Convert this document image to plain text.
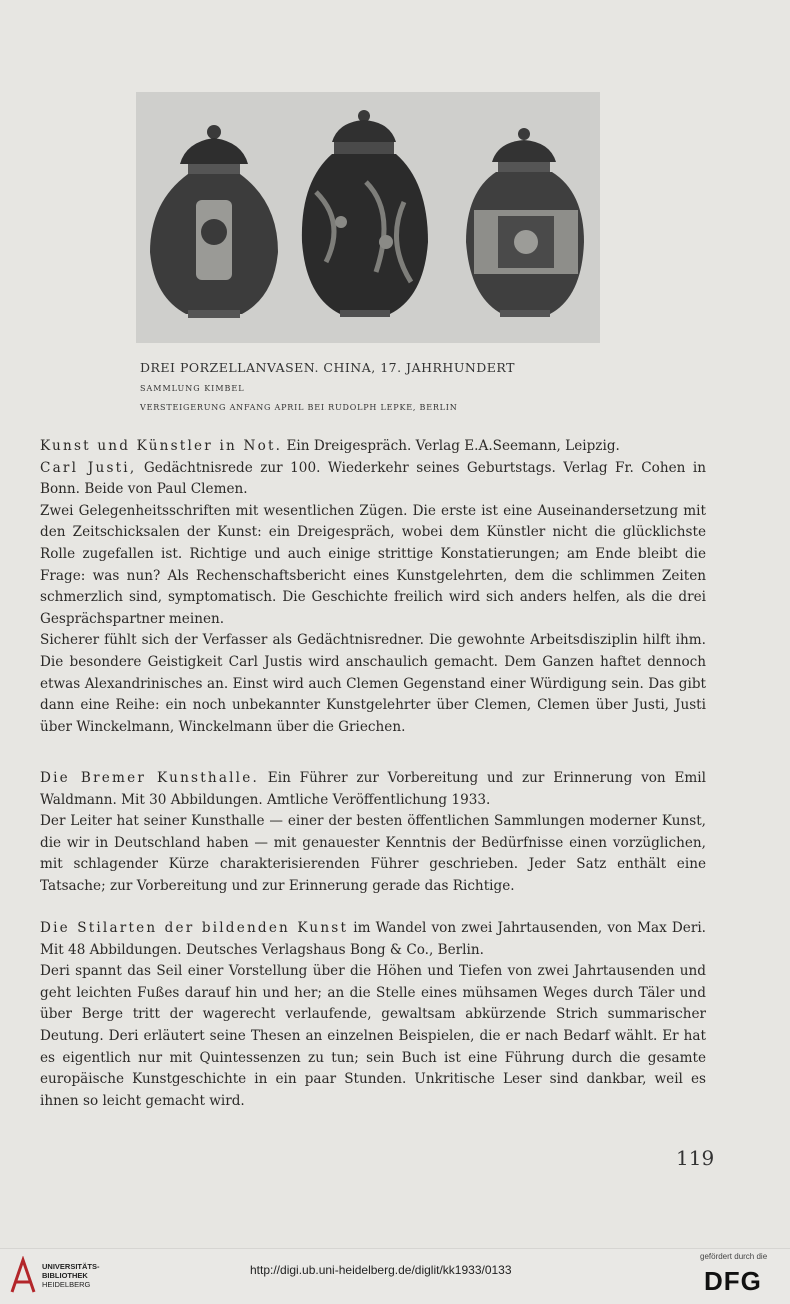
DREI PORZELLANVASEN. CHINA, 17. JAHRHUNDERT
SAMMLUNG KIMBEL
VERSTEIGERUNG ANFANG APRIL BEI RUDOLPH LEPKE, BERLIN

Kunst und Künstler in Not. Ein Dreigespräch. Verlag E.A.Seemann, Leipzig.
Carl Justi, Gedächtnisrede zur 100. Wiederkehr seines Geburtstags. Verlag Fr. Cohen in Bonn. Beide von Paul Clemen.

Zwei Gelegenheitsschriften mit wesentlichen Zügen. Die erste ist eine Auseinandersetzung mit den Zeitschicksalen der Kunst: ein Dreigespräch, wobei dem Künstler nicht die glücklichste Rolle zugefallen ist. Richtige und auch einige strittige Konstatierungen; am Ende bleibt die Frage: was nun? Als Rechenschaftsbericht eines Kunstgelehrten, dem die schlimmen Zeiten schmerzlich sind, symptomatisch. Die Geschichte freilich wird sich anders helfen, als die drei Gesprächspartner meinen.

Sicherer fühlt sich der Verfasser als Gedächtnisredner. Die gewohnte Arbeitsdisziplin hilft ihm. Die besondere Geistigkeit Carl Justis wird anschaulich gemacht. Dem Ganzen haftet dennoch etwas Alexandrinisches an. Einst wird auch Clemen Gegenstand einer Würdigung sein. Das gibt dann eine Reihe: ein noch unbekannter Kunstgelehrter über Clemen, Clemen über Justi, Justi über Winckelmann, Winckelmann über die Griechen.

Die Bremer Kunsthalle. Ein Führer zur Vorbereitung und zur Erinnerung von Emil Waldmann. Mit 30 Abbildungen. Amtliche Veröffentlichung 1933.

Der Leiter hat seiner Kunsthalle — einer der besten öffentlichen Sammlungen moderner Kunst, die wir in Deutschland haben — mit genauester Kenntnis der Bedürfnisse einen vorzüglichen, mit schlagender Kürze charakterisierenden Führer geschrieben. Jeder Satz enthält eine Tatsache; zur Vorbereitung und zur Erinnerung gerade das Richtige.

Die Stilarten der bildenden Kunst im Wandel von zwei Jahrtausenden, von Max Deri. Mit 48 Abbildungen. Deutsches Verlagshaus Bong & Co., Berlin.

Deri spannt das Seil einer Vorstellung über die Höhen und Tiefen von zwei Jahrtausenden und geht leichten Fußes darauf hin und her; an die Stelle eines mühsamen Weges durch Täler und über Berge tritt der wagerecht verlaufende, gewaltsam abkürzende Strich summarischer Deutung. Deri erläutert seine Thesen an einzelnen Beispielen, die er nach Bedarf wählt. Er hat es eigentlich nur mit Quintessenzen zu tun; sein Buch ist eine Führung durch die gesamte europäische Kunstgeschichte in ein paar Stunden. Unkritische Leser sind dankbar, weil es ihnen so leicht gemacht wird.

119
UNIVERSITÄTS-
BIBLIOTHEK
HEIDELBERG
http://digi.ub.uni-heidelberg.de/diglit/kk1933/0133
gefördert durch die
DFG
